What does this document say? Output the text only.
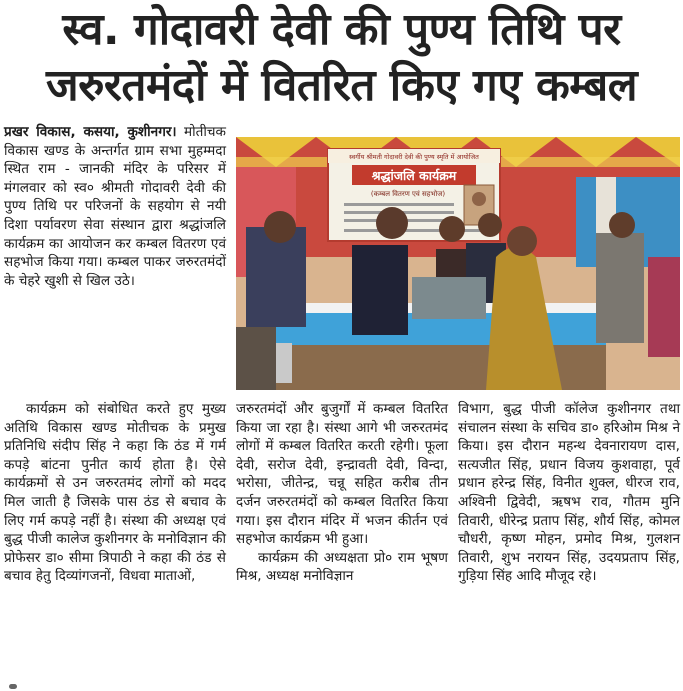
स्व. गोदावरी देवी की पुण्य तिथि पर
जरुरतमंदों में वितरित किए गए कम्बल

प्रखर विकास, कसया, कुशीनगर। मोतीचक विकास खण्ड के अन्तर्गत ग्राम सभा मुहम्मदा स्थित राम - जानकी मंदिर के परिसर में मंगलवार को स्व० श्रीमती गोदावरी देवी की पुण्य तिथि पर परिजनों के सहयोग से नयी दिशा पर्यावरण सेवा संस्थान द्वारा श्रद्धांजलि कार्यक्रम का आयोजन कर कम्बल वितरण एवं सहभोज किया गया। कम्बल पाकर जरुरतमंदों के चेहरे खुशी से खिल उठे।

स्वर्गीय श्रीमती गोदावरी देवी की पुण्य स्मृति में आयोजित
श्रद्धांजलि कार्यक्रम
(कम्बल वितरण एवं सहभोज)

कार्यक्रम को संबोधित करते हुए मुख्य अतिथि विकास खण्ड मोतीचक के प्रमुख प्रतिनिधि संदीप सिंह ने कहा कि ठंड में गर्म कपड़े बांटना पुनीत कार्य होता है। ऐसे कार्यक्रमों से उन जरुरतमंद लोगों को मदद मिल जाती है जिसके पास ठंड से बचाव के लिए गर्म कपड़े नहीं है। संस्था की अध्यक्ष एवं बुद्ध पीजी कालेज कुशीनगर के मनोविज्ञान की प्रोफेसर डा० सीमा त्रिपाठी ने कहा की ठंड से बचाव हेतु दिव्यांगजनों, विधवा माताओं,

जरुरतमंदों और बुजुर्गों में कम्बल वितरित किया जा रहा है। संस्था आगे भी जरुरतमंद लोगों में कम्बल वितरित करती रहेगी। फूला देवी, सरोज देवी, इन्द्रावती देवी, विन्दा, भरोसा, जीतेन्द्र, चन्नू सहित करीब तीन दर्जन जरुरतमंदों को कम्बल वितरित किया गया। इस दौरान मंदिर में भजन कीर्तन एवं सहभोज कार्यक्रम भी हुआ।

कार्यक्रम की अध्यक्षता प्रो० राम भूषण मिश्र, अध्यक्ष मनोविज्ञान

विभाग, बुद्ध पीजी कॉलेज कुशीनगर तथा संचालन संस्था के सचिव डा० हरिओम मिश्र ने किया। इस दौरान महन्थ देवनारायण दास, सत्यजीत सिंह, प्रधान विजय कुशवाहा, पूर्व प्रधान हरेन्द्र सिंह, विनीत शुक्ल, धीरज राव, अश्विनी द्विवेदी, ऋषभ राव, गौतम मुनि तिवारी, धीरेन्द्र प्रताप सिंह, शौर्य सिंह, कोमल चौधरी, कृष्ण मोहन, प्रमोद मिश्र, गुलशन तिवारी, शुभ नरायन सिंह, उदयप्रताप सिंह, गुड़िया सिंह आदि मौजूद रहे।
